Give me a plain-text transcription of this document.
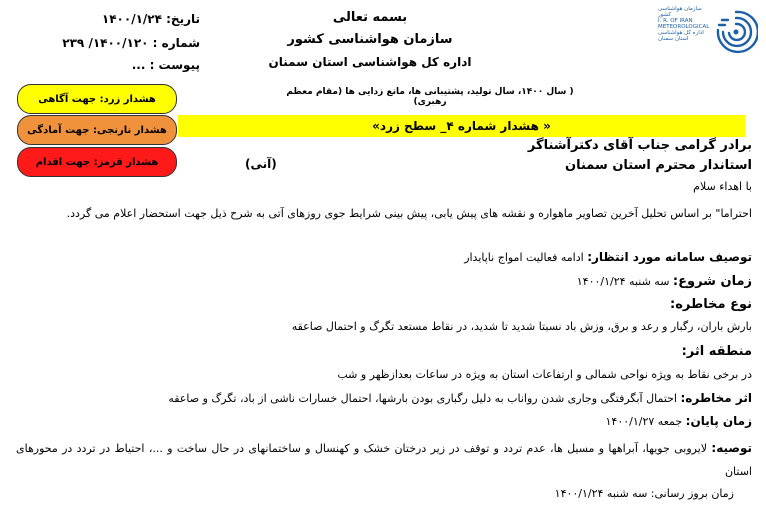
بسمه تعالی
سازمان هواشناسی کشور
اداره کل هواشناسی استان سمنان
تاریخ: ۱۴۰۰/۱/۲۴
شماره : ۱۴۰۰/۱۲۰/ ۲۳۹
پیوست : ...
سازمان هواشناسی کشور
I. R. OF IRAN
METEOROLOGICAL
اداره کل هواشناسی استان سمنان
( سال ۱۴۰۰، سال تولید، پشتیبانی ها، مانع زدایی ها (مقام معظم رهبری)
هشدار زرد: جهت آگاهی
هشدار نارنجی: جهت آمادگی
هشدار قرمز: جهت اقدام
« هشدار شماره ۴_ سطح زرد»
برادر گرامی جناب آقای دکترآشناگر
استاندار محترم استان سمنان
(آنی)
با اهداء سلام
احتراما" بر اساس تحلیل آخرین تصاویر ماهواره و نقشه های پیش یابی، پیش بینی شرایط جوی روزهای آتی به شرح ذیل جهت استحضار اعلام می گردد.
توصیف سامانه مورد انتظار: ادامه فعالیت امواج ناپایدار
زمان شروع: سه شنبه ۱۴۰۰/۱/۲۴
نوع مخاطره:
بارش باران، رگبار و رعد و برق، وزش باد نسبتا شدید تا شدید، در نقاط مستعد تگرگ و احتمال صاعقه
منطقه اثر:
در برخی نقاط به ویژه نواحی شمالی و ارتفاعات استان به ویژه در ساعات بعدازظهر و شب
اثر مخاطره: احتمال آبگرفتگی وجاری شدن رواناب به دلیل رگباری بودن بارشها، احتمال خسارات ناشی از باد، تگرگ و صاعقه
زمان پایان: جمعه ۱۴۰۰/۱/۲۷
توصیه: لایروبی جویها، آبراهها و مسیل ها، عدم تردد و توقف در زیر درختان خشک و کهنسال و ساختمانهای در حال ساخت و ...، احتیاط در تردد در محورهای استان
زمان بروز رسانی: سه شنبه ۱۴۰۰/۱/۲۴
